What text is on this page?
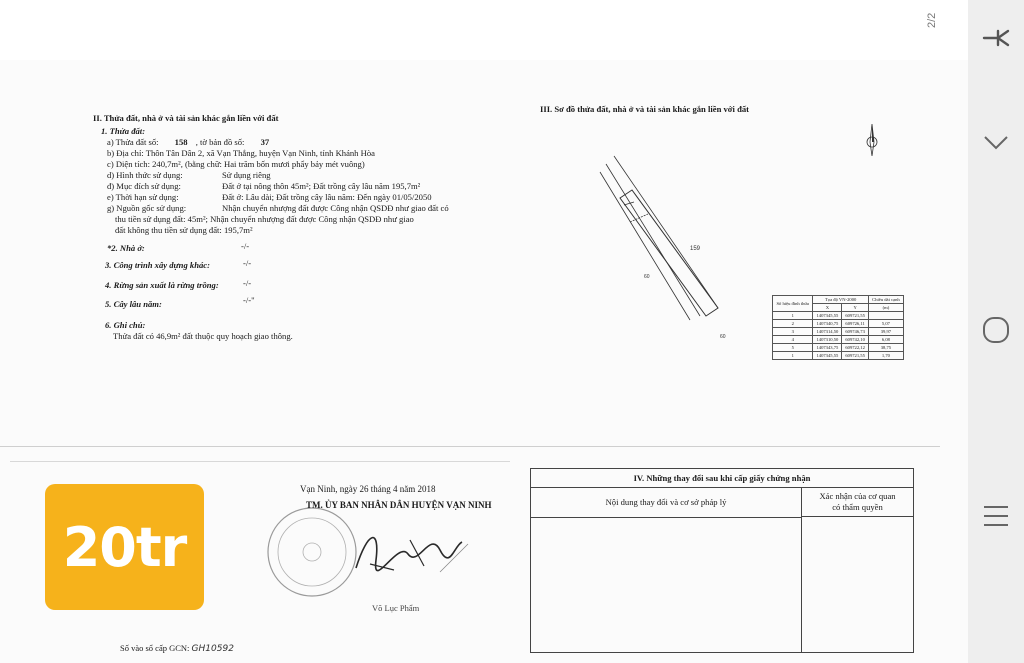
2/2
II. Thửa đất, nhà ở và tài sản khác gắn liền với đất
1. Thửa đất:
a) Thửa đất số: 158 , tờ bản đồ số: 37
b) Địa chỉ: Thôn Tân Dân 2, xã Vạn Thắng, huyện Vạn Ninh, tỉnh Khánh Hòa
c) Diện tích: 240,7m², (bằng chữ: Hai trăm bốn mươi phẩy bảy mét vuông)
d) Hình thức sử dụng:	Sử dụng riêng
đ) Mục đích sử dụng:	Đất ở tại nông thôn 45m²; Đất trồng cây lâu năm 195,7m²
e) Thời hạn sử dụng:	Đất ở: Lâu dài; Đất trồng cây lâu năm: Đến ngày 01/05/2050
g) Nguồn gốc sử dụng:	Nhận chuyển nhượng đất được Công nhận QSDĐ như giao đất có
thu tiền sử dụng đất: 45m²; Nhận chuyển nhượng đất được Công nhận QSDĐ như giao
đất không thu tiền sử dụng đất: 195,7m²
*2. Nhà ở:	-/-
3. Công trình xây dựng khác:	-/-
4. Rừng sản xuất là rừng trồng:	-/-
5. Cây lâu năm:	-/-"
6. Ghi chú:
Thửa đất có 46,9m² đất thuộc quy hoạch giao thông.
III. Sơ đồ thửa đất, nhà ở và tài sản khác gắn liền với đất
159
60
60
Số hiệu đỉnh thửa	Tọa độ VN-2000		Chiều dài cạnh
	X	Y	(m)
1	1407345,55	609721,55	
2	1407340,75	609726,11	5,07
3	1407314,50	609746,73	39,97
4	1407310,50	609742,10	6,08
5	1407343,75	609722,12	38,75
1	1407345,55	609721,55	1,70
Vạn Ninh, ngày 26 tháng 4 năm 2018
TM. ỦY BAN NHÂN DÂN HUYỆN VẠN NINH
Võ Lục Phẩm
Số vào sổ cấp GCN: GH10592
IV. Những thay đổi sau khi cấp giấy chứng nhận
Nội dung thay đổi và cơ sở pháp lý
Xác nhận của cơ quan
có thẩm quyền
20tr
